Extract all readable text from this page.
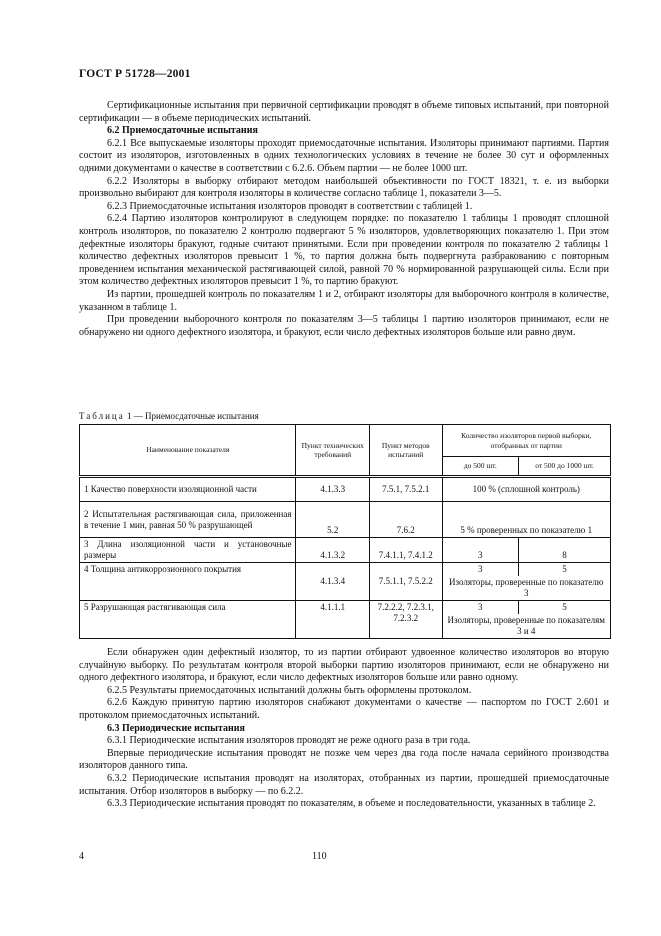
ГОСТ Р 51728—2001

Сертификационные испытания при первичной сертификации проводят в объеме типовых испытаний, при повторной сертификации — в объеме периодических испытаний.

6.2 Приемосдаточные испытания

6.2.1 Все выпускаемые изоляторы проходят приемосдаточные испытания. Изоляторы принимают партиями. Партия состоит из изоляторов, изготовленных в одних технологических условиях в течение не более 30 сут и оформленных одними документами о качестве в соответствии с 6.2.6. Объем партии — не более 1000 шт.

6.2.2 Изоляторы в выборку отбирают методом наибольшей объективности по ГОСТ 18321, т. е. из выборки произвольно выбирают для контроля изоляторы в количестве согласно таблице 1, показатели 3—5.

6.2.3 Приемосдаточные испытания изоляторов проводят в соответствии с таблицей 1.

6.2.4 Партию изоляторов контролируют в следующем порядке: по показателю 1 таблицы 1 проводят сплошной контроль изоляторов, по показателю 2 контролю подвергают 5 % изоляторов, удовлетворяющих показателю 1. При этом дефектные изоляторы бракуют, годные считают принятыми. Если при проведении контроля по показателю 2 таблицы 1 количество дефектных изоляторов превысит 1 %, то партия должна быть подвергнута разбракованию с повторным проведением испытания механической растягивающей силой, равной 70 % нормированной разрушающей силы. Если при этом количество дефектных изоляторов превысит 1 %, то партию бракуют.

Из партии, прошедшей контроль по показателям 1 и 2, отбирают изоляторы для выборочного контроля в количестве, указанном в таблице 1.

При проведении выборочного контроля по показателям 3—5 таблицы 1 партию изоляторов принимают, если не обнаружено ни одного дефектного изолятора, и бракуют, если число дефектных изоляторов больше или равно двум.

Таблица 1 — Приемосдаточные испытания
Наименование показателя	Пункт технических требований	Пункт методов испытаний	Количество изоляторов первой выборки, отобранных от партии	
			до 500 шт.	от 500 до 1000 шт.
1 Качество поверхности изоляционной части	4.1.3.3	7.5.1, 7.5.2.1	100 % (сплошной контроль)	
2 Испытательная растягивающая сила, приложенная в течение 1 мин, равная 50 % разрушающей	5.2	7.6.2	5 % проверенных по показателю 1	
3 Длина изоляционной части и установочные размеры	4.1.3.2	7.4.1.1, 7.4.1.2	3	8
4 Толщина антикоррозионного покрытия	4.1.3.4	7.5.1.1, 7.5.2.2	3	5
			Изоляторы, проверенные по показателю 3	
5 Разрушающая растягивающая сила	4.1.1.1	7.2.2.2, 7.2.3.1, 7.2.3.2	3	5
			Изоляторы, проверенные по показателям 3 и 4	

Если обнаружен один дефектный изолятор, то из партии отбирают удвоенное количество изоляторов во вторую случайную выборку. По результатам контроля второй выборки партию изоляторов принимают, если не обнаружено ни одного дефектного изолятора, и бракуют, если число дефектных изоляторов больше или равно одному.

6.2.5 Результаты приемосдаточных испытаний должны быть оформлены протоколом.

6.2.6 Каждую принятую партию изоляторов снабжают документами о качестве — паспортом по ГОСТ 2.601 и протоколом приемосдаточных испытаний.

6.3 Периодические испытания

6.3.1 Периодические испытания изоляторов проводят не реже одного раза в три года.

Впервые периодические испытания проводят не позже чем через два года после начала серийного производства изоляторов данного типа.

6.3.2 Периодические испытания проводят на изоляторах, отобранных из партии, прошедшей приемосдаточные испытания. Отбор изоляторов в выборку — по 6.2.2.

6.3.3 Периодические испытания проводят по показателям, в объеме и последовательности, указанных в таблице 2.

4	110
